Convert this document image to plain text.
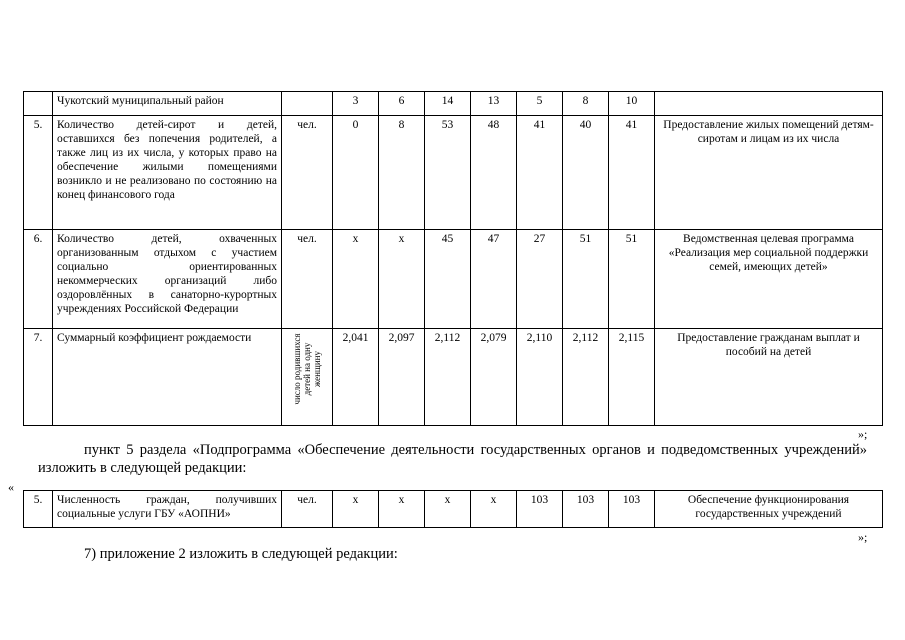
	Чукотский муниципальный район		3	6	14	13	5	8	10	
5.	Количество детей-сирот и детей, оставшихся без попечения родителей, а также лиц из их числа, у которых право на обеспечение жилыми помещениями возникло и не реализовано по состоянию на конец финансового года	чел.	0	8	53	48	41	40	41	Предоставление жилых помещений детям-сиротам и лицам из их числа
6.	Количество детей, охваченных организованным отдыхом с участием социально ориентированных некоммерческих организаций либо оздоровлённых в санаторно-курортных учреждениях Российской Федерации	чел.	х	х	45	47	27	51	51	Ведомственная целевая программа «Реализация мер социальной поддержки семей, имеющих детей»
7.	Суммарный коэффициент рождаемости	число родившихся детей на одну женщину	2,041	2,097	2,112	2,079	2,110	2,112	2,115	Предоставление гражданам выплат и пособий на детей
»;

пункт 5 раздела «Подпрограмма «Обеспечение деятельности государственных органов и подведомственных учреждений» изложить в следующей редакции:

«
5.	Численность граждан, получивших социальные услуги ГБУ «АОПНИ»	чел.	х	х	х	х	103	103	103	Обеспечение функционирования государственных учреждений
»;
7) приложение 2 изложить в следующей редакции:
